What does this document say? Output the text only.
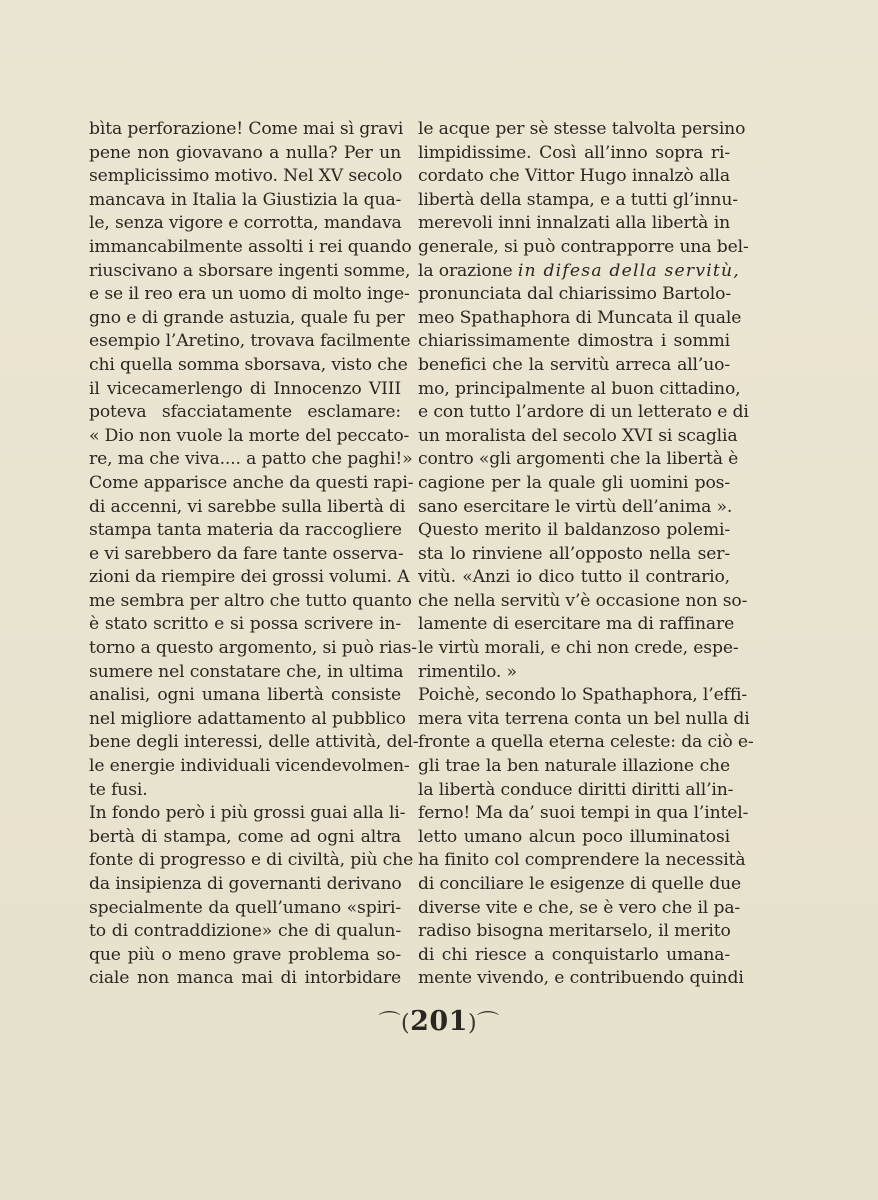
bìta perforazione! Come mai sì gravi
pene non giovavano a nulla? Per un
semplicissimo motivo. Nel XV secolo
mancava in Italia la Giustizia la qua-
le, senza vigore e corrotta, mandava
immancabilmente assolti i rei quando
riuscivano a sborsare ingenti somme,
e se il reo era un uomo di molto inge-
gno e di grande astuzia, quale fu per
esempio l’Aretino, trovava facilmente
chi quella somma sborsava, visto che
il vicecamerlengo di Innocenzo VIII
poteva sfacciatamente esclamare:
« Dio non vuole la morte del peccato-
re, ma che viva.... a patto che paghi!»
Come apparisce anche da questi rapi-
di accenni, vi sarebbe sulla libertà di
stampa tanta materia da raccogliere
e vi sarebbero da fare tante osserva-
zioni da riempire dei grossi volumi. A
me sembra per altro che tutto quanto
è stato scritto e si possa scrivere in-
torno a questo argomento, si può rias-
sumere nel constatare che, in ultima
analisi, ogni umana libertà consiste
nel migliore adattamento al pubblico
bene degli interessi, delle attività, del-
le energie individuali vicendevolmen-
te fusi.
In fondo però i più grossi guai alla li-
bertà di stampa, come ad ogni altra
fonte di progresso e di civiltà, più che
da insipienza di governanti derivano
specialmente da quell’umano «spiri-
to di contraddizione» che di qualun-
que più o meno grave problema so-
ciale non manca mai di intorbidare
le acque per sè stesse talvolta persino
limpidissime. Così all’inno sopra ri-
cordato che Vittor Hugo innalzò alla
libertà della stampa, e a tutti gl’innu-
merevoli inni innalzati alla libertà in
generale, si può contrapporre una bel-
la orazione in difesa della servitù,
pronunciata dal chiarissimo Bartolo-
meo Spathaphora di Muncata il quale
chiarissimamente dimostra i sommi
benefici che la servitù arreca all’uo-
mo, principalmente al buon cittadino,
e con tutto l’ardore di un letterato e di
un moralista del secolo XVI si scaglia
contro «gli argomenti che la libertà è
cagione per la quale gli uomini pos-
sano esercitare le virtù dell’anima ».
Questo merito il baldanzoso polemi-
sta lo rinviene all’opposto nella ser-
vitù. «Anzi io dico tutto il contrario,
che nella servitù v’è occasione non so-
lamente di esercitare ma di raffinare
le virtù morali, e chi non crede, espe-
rimentilo. »
Poichè, secondo lo Spathaphora, l’effi-
mera vita terrena conta un bel nulla di
fronte a quella eterna celeste: da ciò e-
gli trae la ben naturale illazione che
la libertà conduce diritti diritti all’in-
ferno! Ma da’ suoi tempi in qua l’intel-
letto umano alcun poco illuminatosi
ha finito col comprendere la necessità
di conciliare le esigenze di quelle due
diverse vite e che, se è vero che il pa-
radiso bisogna meritarselo, il merito
di chi riesce a conquistarlo umana-
mente vivendo, e contribuendo quindi
⌒(201)⌒
